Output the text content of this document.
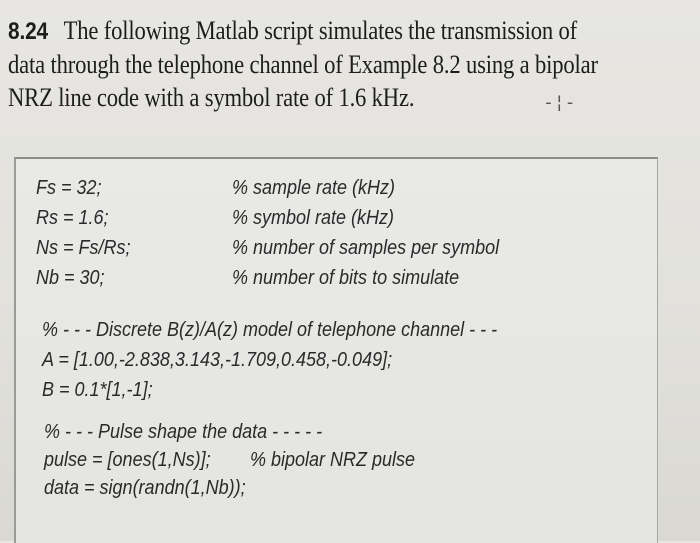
8.24 The following Matlab script simulates the transmission of
data through the telephone channel of Example 8.2 using a bipolar
NRZ line code with a symbol rate of 1.6 kHz.	-¦-
Fs = 32;	% sample rate (kHz)
Rs = 1.6;	% symbol rate (kHz)
Ns = Fs/Rs;	% number of samples per symbol
Nb = 30;	% number of bits to simulate
% - - - Discrete B(z)/A(z) model of telephone channel - - -
A = [1.00,-2.838,3.143,-1.709,0.458,-0.049];
B = 0.1*[1,-1];
% - - - Pulse shape the data - - - - -
pulse = [ones(1,Ns)]; % bipolar NRZ pulse
data = sign(randn(1,Nb));
